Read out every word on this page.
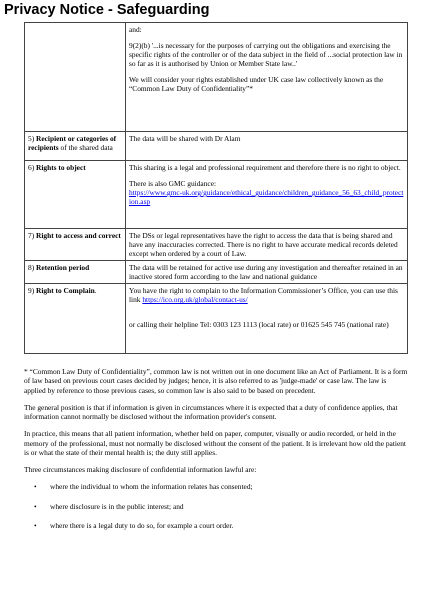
Privacy Notice - Safeguarding

	and:

9(2)(b) '...is necessary for the purposes of carrying out the obligations and exercising the specific rights of the controller or of the data subject in the field of ...social protection law in so far as it is authorised by Union or Member State law..'

We will consider your rights established under UK case law collectively known as the “Common Law Duty of Confidentiality”*

5) Recipient or categories of recipients of the shared data	The data will be shared with Dr Alam
6) Rights to object	This sharing is a legal and professional requirement and therefore there is no right to object.

There is also GMC guidance:

https://www.gmc-uk.org/guidance/ethical_guidance/children_guidance_56_63_child_protection.asp
7) Right to access and correct	The DSs or legal representatives have the right to access the data that is being shared and have any inaccuracies corrected. There is no right to have accurate medical records deleted except when ordered by a court of Law.
8) Retention period	The data will be retained for active use during any investigation and thereafter retained in an inactive stored form according to the law and national guidance
9) Right to Complain.	You have the right to complain to the Information Commissioner’s Office, you can use this link https://ico.org.uk/global/contact-us/

or calling their helpline Tel: 0303 123 1113 (local rate) or 01625 545 745 (national rate)

* “Common Law Duty of Confidentiality”, common law is not written out in one document like an Act of Parliament. It is a form of law based on previous court cases decided by judges; hence, it is also referred to as 'judge-made' or case law. The law is applied by reference to those previous cases, so common law is also said to be based on precedent.

The general position is that if information is given in circumstances where it is expected that a duty of confidence applies, that information cannot normally be disclosed without the information provider's consent.

In practice, this means that all patient information, whether held on paper, computer, visually or audio recorded, or held in the memory of the professional, must not normally be disclosed without the consent of the patient. It is irrelevant how old the patient is or what the state of their mental health is; the duty still applies.

Three circumstances making disclosure of confidential information lawful are:

• where the individual to whom the information relates has consented;
• where disclosure is in the public interest; and
• where there is a legal duty to do so, for example a court order.
